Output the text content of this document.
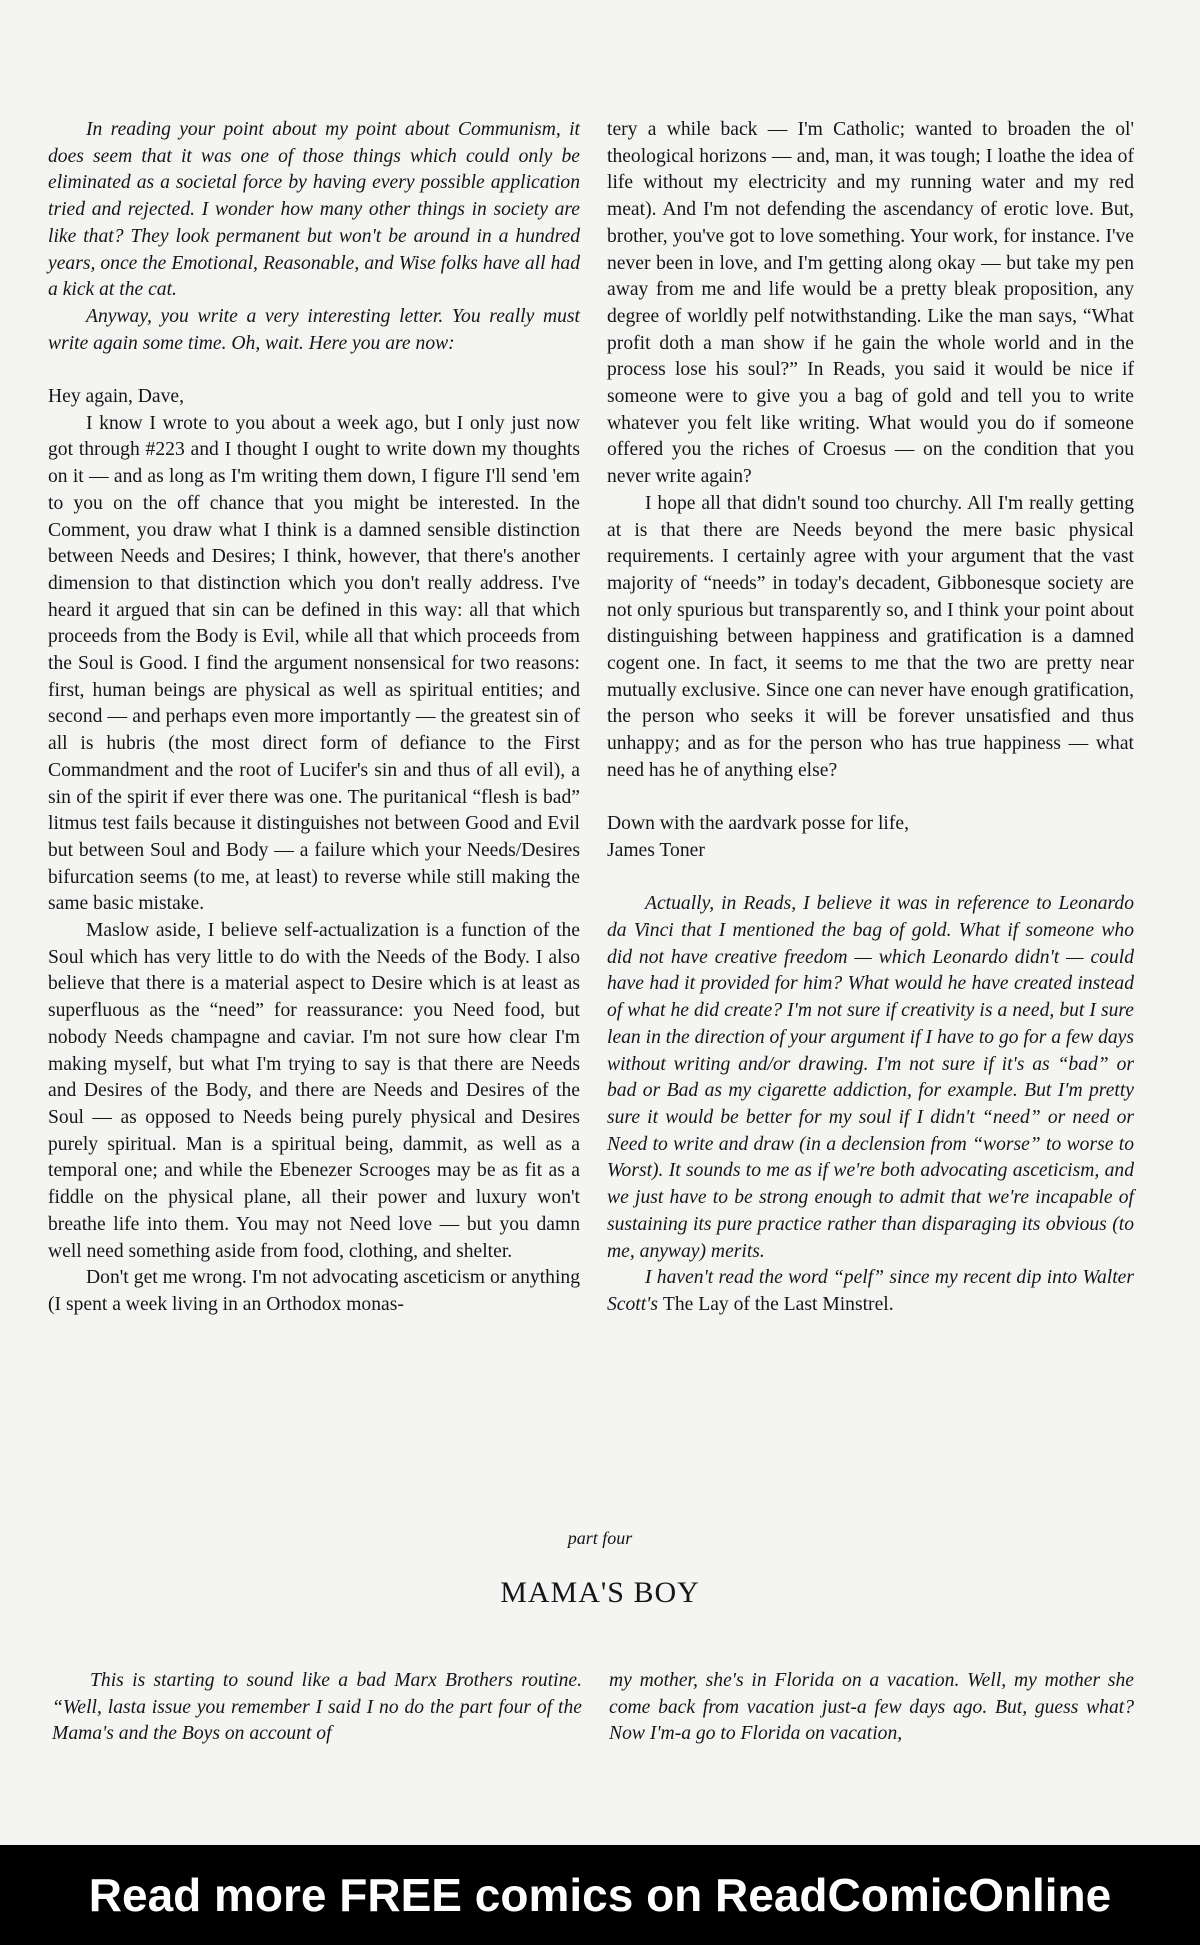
In reading your point about my point about Communism, it does seem that it was one of those things which could only be eliminated as a societal force by having every possible application tried and rejected. I wonder how many other things in society are like that? They look permanent but won't be around in a hundred years, once the Emotional, Reasonable, and Wise folks have all had a kick at the cat.

Anyway, you write a very interesting letter. You really must write again some time. Oh, wait. Here you are now:

Hey again, Dave,

I know I wrote to you about a week ago, but I only just now got through #223 and I thought I ought to write down my thoughts on it — and as long as I'm writing them down, I figure I'll send 'em to you on the off chance that you might be interested. In the Comment, you draw what I think is a damned sensible distinction between Needs and Desires; I think, however, that there's another dimension to that distinction which you don't really address. I've heard it argued that sin can be defined in this way: all that which proceeds from the Body is Evil, while all that which proceeds from the Soul is Good. I find the argument nonsensical for two reasons: first, human beings are physical as well as spiritual entities; and second — and perhaps even more importantly — the greatest sin of all is hubris (the most direct form of defiance to the First Commandment and the root of Lucifer's sin and thus of all evil), a sin of the spirit if ever there was one. The puritanical “flesh is bad” litmus test fails because it distinguishes not between Good and Evil but between Soul and Body — a failure which your Needs/Desires bifurcation seems (to me, at least) to reverse while still making the same basic mistake.

Maslow aside, I believe self-actualization is a function of the Soul which has very little to do with the Needs of the Body. I also believe that there is a material aspect to Desire which is at least as superfluous as the “need” for reassurance: you Need food, but nobody Needs champagne and caviar. I'm not sure how clear I'm making myself, but what I'm trying to say is that there are Needs and Desires of the Body, and there are Needs and Desires of the Soul — as opposed to Needs being purely physical and Desires purely spiritual. Man is a spiritual being, dammit, as well as a temporal one; and while the Ebenezer Scrooges may be as fit as a fiddle on the physical plane, all their power and luxury won't breathe life into them. You may not Need love — but you damn well need something aside from food, clothing, and shelter.

Don't get me wrong. I'm not advocating asceticism or anything (I spent a week living in an Orthodox monas-

tery a while back — I'm Catholic; wanted to broaden the ol' theological horizons — and, man, it was tough; I loathe the idea of life without my electricity and my running water and my red meat). And I'm not defending the ascendancy of erotic love. But, brother, you've got to love something. Your work, for instance. I've never been in love, and I'm getting along okay — but take my pen away from me and life would be a pretty bleak proposition, any degree of worldly pelf notwithstanding. Like the man says, “What profit doth a man show if he gain the whole world and in the process lose his soul?” In Reads, you said it would be nice if someone were to give you a bag of gold and tell you to write whatever you felt like writing. What would you do if someone offered you the riches of Croesus — on the condition that you never write again?

I hope all that didn't sound too churchy. All I'm really getting at is that there are Needs beyond the mere basic physical requirements. I certainly agree with your argument that the vast majority of “needs” in today's decadent, Gibbonesque society are not only spurious but transparently so, and I think your point about distinguishing between happiness and gratification is a damned cogent one. In fact, it seems to me that the two are pretty near mutually exclusive. Since one can never have enough gratification, the person who seeks it will be forever unsatisfied and thus unhappy; and as for the person who has true happiness — what need has he of anything else?

Down with the aardvark posse for life,

James Toner

Actually, in Reads, I believe it was in reference to Leonardo da Vinci that I mentioned the bag of gold. What if someone who did not have creative freedom — which Leonardo didn't — could have had it provided for him? What would he have created instead of what he did create? I'm not sure if creativity is a need, but I sure lean in the direction of your argument if I have to go for a few days without writing and/or drawing. I'm not sure if it's as “bad” or bad or Bad as my cigarette addiction, for example. But I'm pretty sure it would be better for my soul if I didn't “need” or need or Need to write and draw (in a declension from “worse” to worse to Worst). It sounds to me as if we're both advocating asceticism, and we just have to be strong enough to admit that we're incapable of sustaining its pure practice rather than disparaging its obvious (to me, anyway) merits.

I haven't read the word “pelf” since my recent dip into Walter Scott's The Lay of the Last Minstrel.

part four
MAMA'S BOY

This is starting to sound like a bad Marx Brothers routine. “Well, lasta issue you remember I said I no do the part four of the Mama's and the Boys on account of

my mother, she's in Florida on a vacation. Well, my mother she come back from vacation just-a few days ago. But, guess what? Now I'm-a go to Florida on vacation,

Read more FREE comics on ReadComicOnline
